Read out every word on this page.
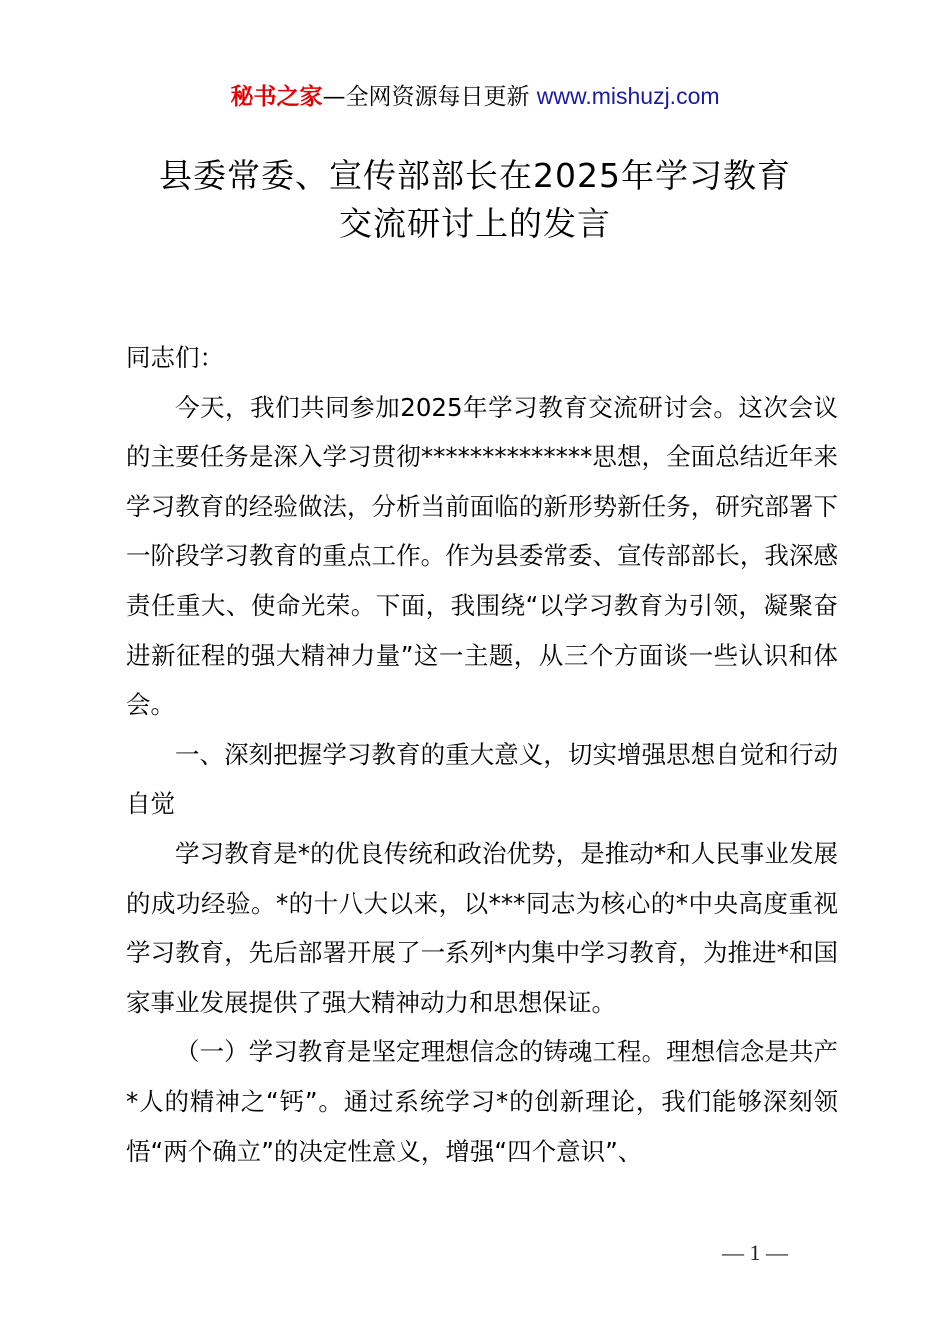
秘书之家—全网资源每日更新 www.mishuzj.com
县委常委、宣传部部长在2025年学习教育
交流研讨上的发言

同志们：

今天，我们共同参加2025年学习教育交流研讨会。这次会议的主要任务是深入学习贯彻**************思想，全面总结近年来学习教育的经验做法，分析当前面临的新形势新任务，研究部署下一阶段学习教育的重点工作。作为县委常委、宣传部部长，我深感责任重大、使命光荣。下面，我围绕“以学习教育为引领，凝聚奋进新征程的强大精神力量”这一主题，从三个方面谈一些认识和体会。

一、深刻把握学习教育的重大意义，切实增强思想自觉和行动自觉

学习教育是*的优良传统和政治优势，是推动*和人民事业发展的成功经验。*的十八大以来，以***同志为核心的*中央高度重视学习教育，先后部署开展了一系列*内集中学习教育，为推进*和国家事业发展提供了强大精神动力和思想保证。

（一）学习教育是坚定理想信念的铸魂工程。理想信念是共产*人的精神之“钙”。通过系统学习*的创新理论，我们能够深刻领悟“两个确立”的决定性意义，增强“四个意识”、

— 1 —
